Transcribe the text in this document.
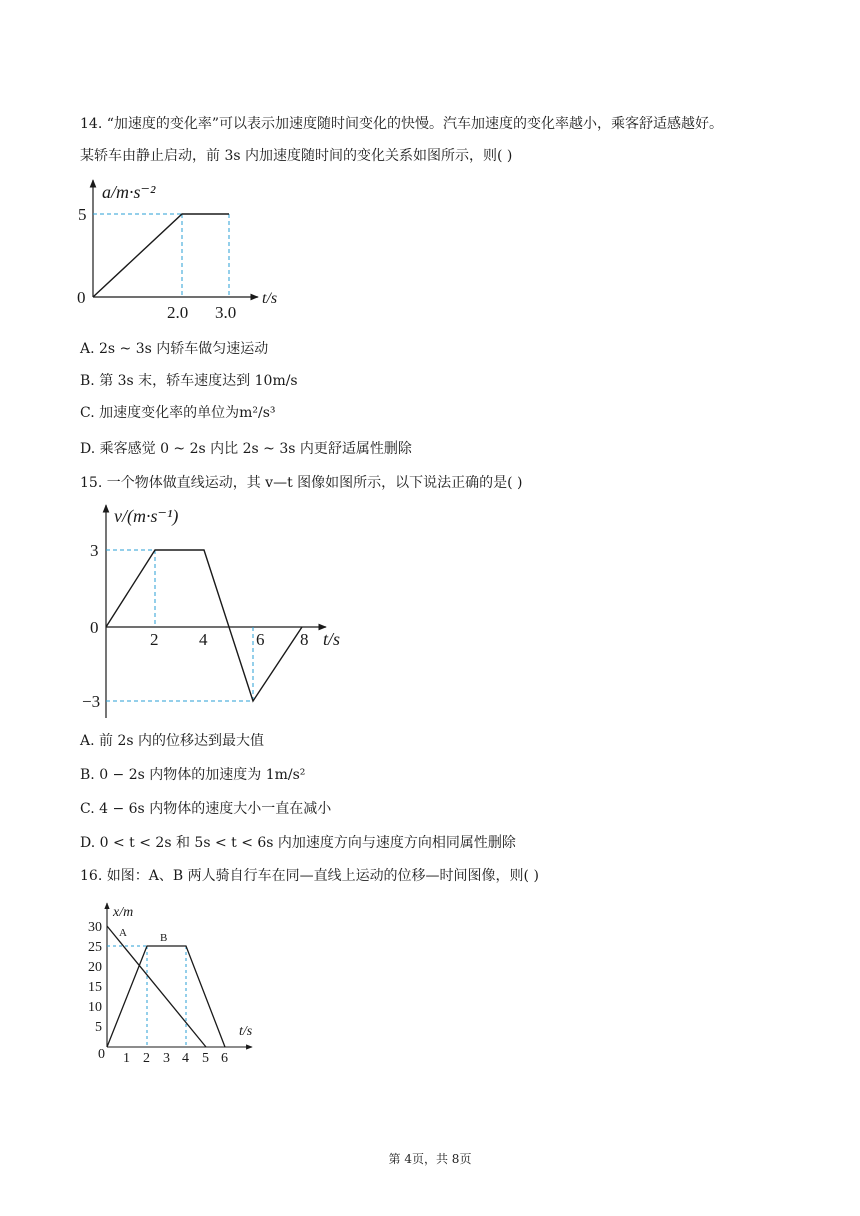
14. “加速度的变化率”可以表示加速度随时间变化的快慢。汽车加速度的变化率越小，乘客舒适感越好。
某轿车由静止启动，前 3s 内加速度随时间的变化关系如图所示，则( )
a/m·s⁻²
t/s
0
5
2.0 3.0
A. 2s ~ 3s 内轿车做匀速运动
B. 第 3s 末，轿车速度达到 10m/s
C. 加速度变化率的单位为m²/s³
D. 乘客感觉 0 ~ 2s 内比 2s ~ 3s 内更舒适属性删除
15. 一个物体做直线运动，其 v—t 图像如图所示，以下说法正确的是( )
v/(m·s⁻¹)
t/s
0
3
−3
2 4	6 8
A. 前 2s 内的位移达到最大值
B. 0 − 2s 内物体的加速度为 1m/s²
C. 4 − 6s 内物体的速度大小一直在减小
D. 0 < t < 2s 和 5s < t < 6s 内加速度方向与速度方向相同属性删除
16. 如图：A、B 两人骑自行车在同—直线上运动的位移—时间图像，则( )
x/m
t/s
0
A	B
30
25
20
15
10
5
1 2 3 4 5 6
第 4页，共 8页
